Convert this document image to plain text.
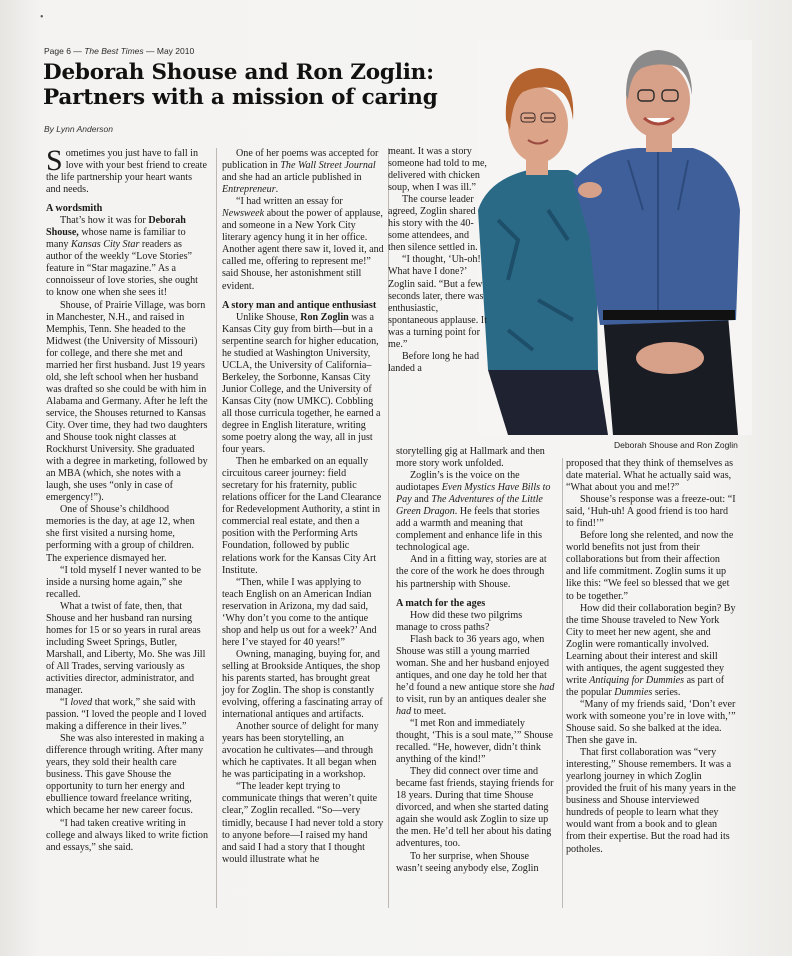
•
Page 6 — The Best Times — May 2010
Deborah Shouse and Ron Zoglin:
Partners with a mission of caring
By Lynn Anderson
Deborah Shouse and Ron Zoglin

Sometimes you just have to fall in love with your best friend to create the life partnership your heart wants and needs.

A wordsmith

That’s how it was for Deborah Shouse, whose name is familiar to many Kansas City Star readers as author of the weekly “Love Stories” feature in “Star magazine.” As a connoisseur of love stories, she ought to know one when she sees it!

Shouse, of Prairie Village, was born in Manchester, N.H., and raised in Memphis, Tenn. She headed to the Midwest (the University of Missouri) for college, and there she met and married her first husband. Just 19 years old, she left school when her husband was drafted so she could be with him in Alabama and Germany. After he left the service, the Shouses returned to Kansas City. Over time, they had two daughters and Shouse took night classes at Rockhurst University. She graduated with a degree in marketing, followed by an MBA (which, she notes with a laugh, she uses “only in case of emergency!”).

One of Shouse’s childhood memories is the day, at age 12, when she first visited a nursing home, performing with a group of children. The experience dismayed her.

“I told myself I never wanted to be inside a nursing home again,” she recalled.

What a twist of fate, then, that Shouse and her husband ran nursing homes for 15 or so years in rural areas including Sweet Springs, Butler, Marshall, and Liberty, Mo. She was Jill of All Trades, serving variously as activities director, administrator, and manager.

“I loved that work,” she said with passion. “I loved the people and I loved making a difference in their lives.”

She was also interested in making a difference through writing. After many years, they sold their health care business. This gave Shouse the opportunity to turn her energy and ebullience toward freelance writing, which became her new career focus.

“I had taken creative writing in college and always liked to write fiction and essays,” she said.

One of her poems was accepted for publication in The Wall Street Journal and she had an article published in Entrepreneur.

“I had written an essay for Newsweek about the power of applause, and someone in a New York City literary agency hung it in her office. Another agent there saw it, loved it, and called me, offering to represent me!” said Shouse, her astonishment still evident.

A story man and antique enthusiast

Unlike Shouse, Ron Zoglin was a Kansas City guy from birth—but in a serpentine search for higher education, he studied at Washington University, UCLA, the University of California–Berkeley, the Sorbonne, Kansas City Junior College, and the University of Kansas City (now UMKC). Cobbling all those curricula together, he earned a degree in English literature, writing some poetry along the way, all in just four years.

Then he embarked on an equally circuitous career journey: field secretary for his fraternity, public relations officer for the Land Clearance for Redevelopment Authority, a stint in commercial real estate, and then a position with the Performing Arts Foundation, followed by public relations work for the Kansas City Art Institute.

“Then, while I was applying to teach English on an American Indian reservation in Arizona, my dad said, ‘Why don’t you come to the antique shop and help us out for a week?’ And here I’ve stayed for 40 years!”

Owning, managing, buying for, and selling at Brookside Antiques, the shop his parents started, has brought great joy for Zoglin. The shop is constantly evolving, offering a fascinating array of international antiques and artifacts.

Another source of delight for many years has been storytelling, an avocation he cultivates—and through which he captivates. It all began when he was participating in a workshop.

“The leader kept trying to communicate things that weren’t quite clear,” Zoglin recalled. “So—very timidly, because I had never told a story to anyone before—I raised my hand and said I had a story that I thought would illustrate what he

meant. It was a story someone had told to me, delivered with chicken soup, when I was ill.”

The course leader agreed, Zoglin shared his story with the 40-some attendees, and then silence settled in.

“I thought, ‘Uh-oh! What have I done?’ Zoglin said. “But a few seconds later, there was enthusiastic, spontaneous applause. It was a turning point for me.”

Before long he had landed a

storytelling gig at Hallmark and then more story work unfolded.

Zoglin’s is the voice on the audiotapes Even Mystics Have Bills to Pay and The Adventures of the Little Green Dragon. He feels that stories add a warmth and meaning that complement and enhance life in this technological age.

And in a fitting way, stories are at the core of the work he does through his partnership with Shouse.

A match for the ages

How did these two pilgrims manage to cross paths?

Flash back to 36 years ago, when Shouse was still a young married woman. She and her husband enjoyed antiques, and one day he told her that he’d found a new antique store she had to visit, run by an antiques dealer she had to meet.

“I met Ron and immediately thought, ‘This is a soul mate,’” Shouse recalled. “He, however, didn’t think anything of the kind!”

They did connect over time and became fast friends, staying friends for 18 years. During that time Shouse divorced, and when she started dating again she would ask Zoglin to size up the men. He’d tell her about his dating adventures, too.

To her surprise, when Shouse wasn’t seeing anybody else, Zoglin

proposed that they think of themselves as date material. What he actually said was, “What about you and me!?”

Shouse’s response was a freeze-out: “I said, ‘Huh-uh! A good friend is too hard to find!’”

Before long she relented, and now the world benefits not just from their collaborations but from their affection and life commitment. Zoglin sums it up like this: “We feel so blessed that we get to be together.”

How did their collaboration begin? By the time Shouse traveled to New York City to meet her new agent, she and Zoglin were romantically involved. Learning about their interest and skill with antiques, the agent suggested they write Antiquing for Dummies as part of the popular Dummies series.

“Many of my friends said, ‘Don’t ever work with someone you’re in love with,’” Shouse said. So she balked at the idea. Then she gave in.

That first collaboration was “very interesting,” Shouse remembers. It was a yearlong journey in which Zoglin provided the fruit of his many years in the business and Shouse interviewed hundreds of people to learn what they would want from a book and to glean from their expertise. But the road had its potholes.
